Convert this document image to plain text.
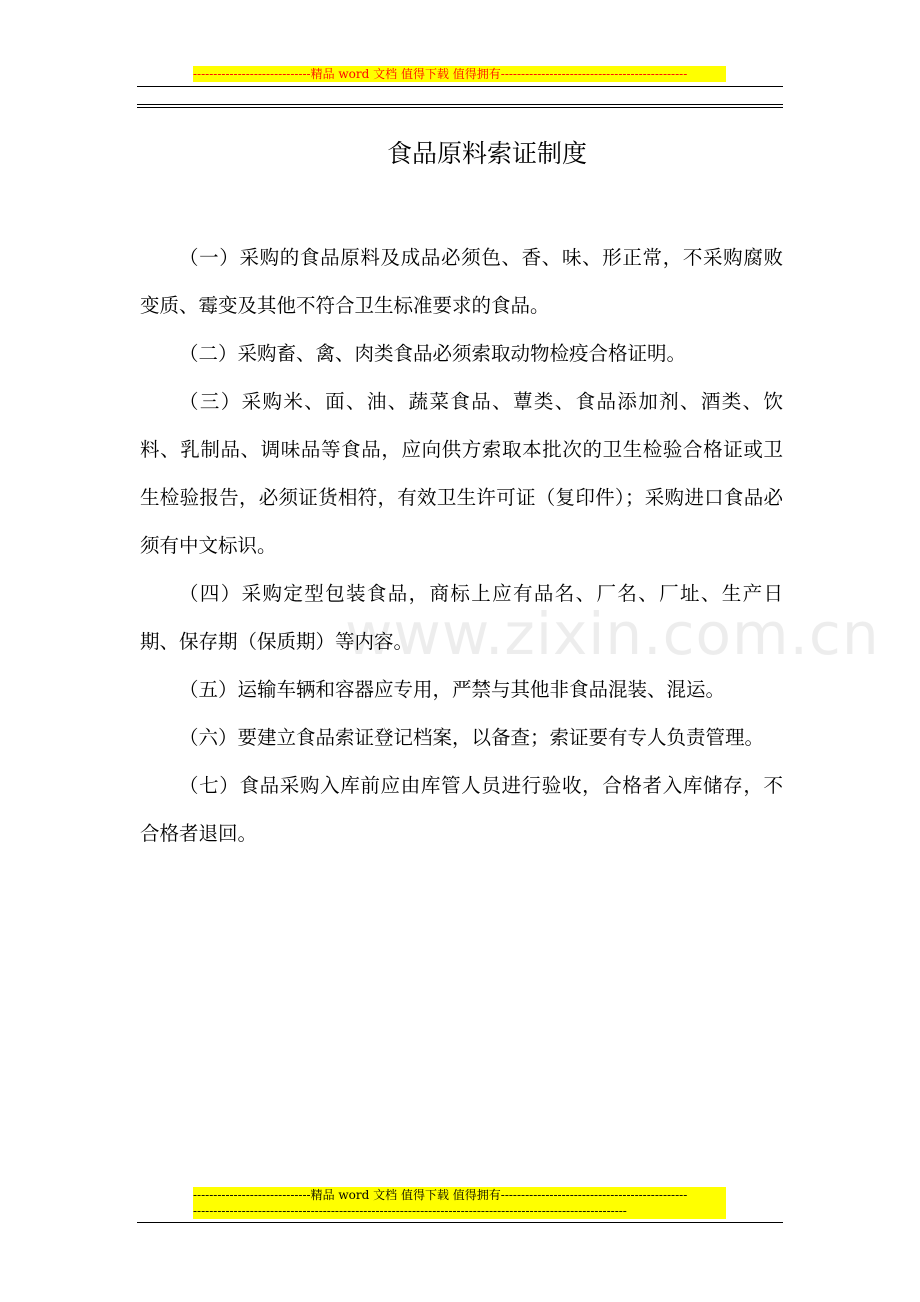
-----------------------------精品 word 文档 值得下载 值得拥有----------------------------------------------
食品原料索证制度
www.zixin.com.cn

（一）采购的食品原料及成品必须色、香、味、形正常，不采购腐败变质、霉变及其他不符合卫生标准要求的食品。

（二）采购畜、禽、肉类食品必须索取动物检疫合格证明。

（三）采购米、面、油、蔬菜食品、蕈类、食品添加剂、酒类、饮料、乳制品、调味品等食品，应向供方索取本批次的卫生检验合格证或卫生检验报告，必须证货相符，有效卫生许可证（复印件）；采购进口食品必须有中文标识。

（四）采购定型包装食品，商标上应有品名、厂名、厂址、生产日期、保存期（保质期）等内容。

（五）运输车辆和容器应专用，严禁与其他非食品混装、混运。

（六）要建立食品索证登记档案，以备查；索证要有专人负责管理。

（七）食品采购入库前应由库管人员进行验收，合格者入库储存，不合格者退回。

-----------------------------精品 word 文档 值得下载 值得拥有----------------------------------------------
-----------------------------------------------------------------------------------------------------------
